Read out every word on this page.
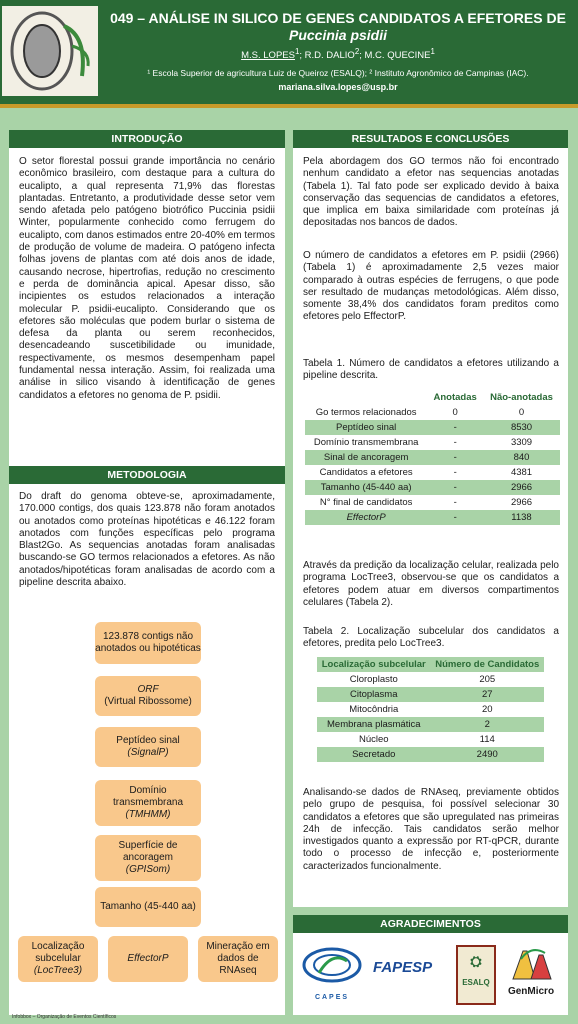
049 – ANÁLISE IN SILICO DE GENES CANDIDATOS A EFETORES DE Puccinia psidii
M.S. LOPES$^1$; R.D. DALIO$^2$; M.C. QUECINE$^1$
¹ Escola Superior de agricultura Luiz de Queiroz (ESALQ); ² Instituto Agronômico de Campinas (IAC).
mariana.silva.lopes@usp.br
INTRODUÇÃO

O setor florestal possui grande importância no cenário econômico brasileiro, com destaque para a cultura do eucalipto, a qual representa 71,9% das florestas plantadas. Entretanto, a produtividade desse setor vem sendo afetada pelo patógeno biotrófico Puccinia psidii Winter, popularmente conhecido como ferrugem do eucalipto, com danos estimados entre 20-40% em termos de produção de volume de madeira. O patógeno infecta folhas jovens de plantas com até dois anos de idade, causando necrose, hipertrofias, redução no crescimento e perda de dominância apical. Apesar disso, são incipientes os estudos relacionados a interação molecular P. psidii-eucalipto. Considerando que os efetores são moléculas que podem burlar o sistema de defesa da planta ou serem reconhecidos, desencadeando suscetibilidade ou imunidade, respectivamente, os mesmos desempenham papel fundamental nessa interação. Assim, foi realizada uma análise in silico visando à identificação de genes candidatos a efetores no genoma de P. psidii.

METODOLOGIA

Do draft do genoma obteve-se, aproximadamente, 170.000 contigs, dos quais 123.878 não foram anotados ou anotados como proteínas hipotéticas e 46.122 foram anotados com funções específicas pelo programa Blast2Go. As sequencias anotadas foram analisadas buscando-se GO termos relacionados a efetores. As não anotados/hipotéticas foram analisadas de acordo com a pipeline descrita abaixo.

123.878 contigs não anotados ou hipotéticas
ORF
(Virtual Ribossome)
Peptídeo sinal
(SignalP)
Domínio transmembrana
(TMHMM)
Superfície de ancoragem
(GPISom)
Tamanho (45-440 aa)
Localização subcelular
(LocTree3)
EffectorP
Mineração em dados de RNAseq
RESULTADOS E CONCLUSÕES

Pela abordagem dos GO termos não foi encontrado nenhum candidato a efetor nas sequencias anotadas (Tabela 1). Tal fato pode ser explicado devido à baixa conservação das sequencias de candidatos a efetores, que implica em baixa similaridade com proteínas já depositadas nos bancos de dados.

O número de candidatos a efetores em P. psidii (2966) (Tabela 1) é aproximadamente 2,5 vezes maior comparado à outras espécies de ferrugens, o que pode ser resultado de mudanças metodológicas. Além disso, somente 38,4% dos candidatos foram preditos como efetores pelo EffectorP.

Tabela 1. Número de candidatos a efetores utilizando a pipeline descrita.

Através da predição da localização celular, realizada pelo programa LocTree3, observou-se que os candidatos a efetores podem atuar em diversos compartimentos celulares (Tabela 2).

Tabela 2. Localização subcelular dos candidatos a efetores, predita pelo LocTree3.

Analisando-se dados de RNAseq, previamente obtidos pelo grupo de pesquisa, foi possível selecionar 30 candidatos a efetores que são upregulated nas primeiras 24h de infecção. Tais candidatos serão melhor investigados quanto a expressão por RT-qPCR, durante todo o processo de infecção e, posteriormente caracterizados funcionalmente.

	Anotadas	Não-anotadas
Go termos relacionados	0	0
Peptídeo sinal	-	8530
Domínio transmembrana	-	3309
Sinal de ancoragem	-	840
Candidatos a efetores	-	4381
Tamanho (45-440 aa)	-	2966
N° final de candidatos	-	2966
EffectorP	-	1138
Localização subcelular	Número de Candidatos
Cloroplasto	205
Citoplasma	27
Mitocôndria	20
Membrana plasmática	2
Núcleo	114
Secretado	2490
AGRADECIMENTOS
CAPES
FAPESP	⛭
ESALQ
GenMicro
Infobbox – Organização de Eventos Científicos
